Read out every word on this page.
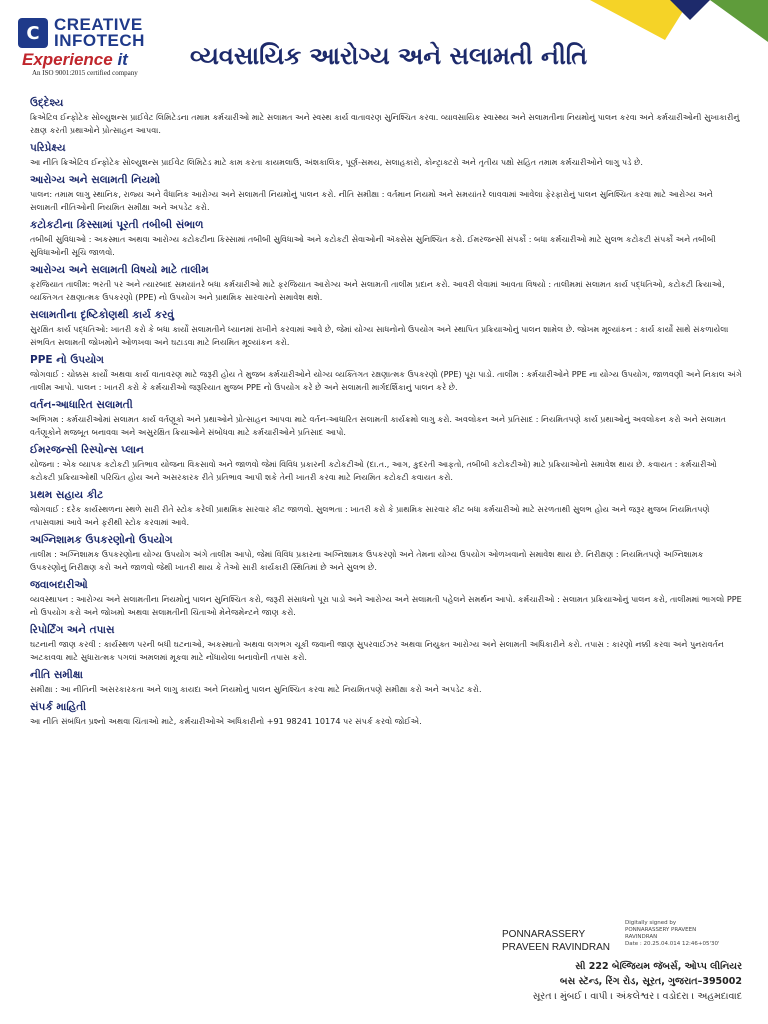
C CREATIVE
INFOTECH
Experience it
An ISO 9001:2015 certified company
વ્યવસાયિક આરોગ્ય અને સલામતી નીતિ
ઉદ્દેશ્ય

ક્રિએટિવ ઈન્ફોટેક સોલ્યુશન્સ પ્રાઈવેટ લિમિટેડના તમામ કર્મચારીઓ માટે સલામત અને સ્વસ્થ કાર્ય વાતાવરણ સુનિશ્ચિત કરવા. વ્યાવસાયિક સ્વાસ્થ્ય અને સલામતીના નિયમોનું પાલન કરવા અને કર્મચારીઓની સુખાકારીનું રક્ષણ કરતી પ્રથાઓને પ્રોત્સાહન આપવા.

પરિપ્રેક્ષ્ય

આ નીતિ ક્રિએટિવ ઈન્ફોટેક સોલ્યુશન્સ પ્રાઈવેટ લિમિટેડ માટે કામ કરતા કાયમલાઉ, અંશકાલિક, પૂર્ણ-સમય, સલાહકારો, કોન્ટ્રાક્ટરો અને તૃતીય પક્ષો સહિત તમામ કર્મચારીઓને લાગુ પડે છે.

આરોગ્ય અને સલામતી નિયમો

પાલન: તમામ લાગુ સ્થાનિક, રાજ્ય અને વૈધાનિક આરોગ્ય અને સલામતી નિયમોનું પાલન કરો. નીતિ સમીક્ષા : વર્તમાન નિયમો અને સમયાંતરે લાવવામાં આવેલા ફેરફારોનું પાલન સુનિશ્ચિત કરવા માટે આરોગ્ય અને સલામતી નીતિઓની નિયમિત સમીક્ષા અને અપડેટ કરો.

કટોકટીના કિસ્સામાં પૂરતી તબીબી સંભાળ

તબીબી સુવિધાઓ : અકસ્માત અથવા આરોગ્ય કટોકટીના કિસ્સામાં તબીબી સુવિધાઓ અને કટોકટી સેવાઓની ઍક્સેસ સુનિશ્ચિત કરો. ઈમરજન્સી સંપર્કો : બધા કર્મચારીઓ માટે સુલભ કટોકટી સંપર્કો અને તબીબી સુવિધાઓની સૂચિ જાળવો.

આરોગ્ય અને સલામતી વિષયો માટે તાલીમ

ફરજિયાત તાલીમ: ભરતી પર અને ત્યારબાદ સમયાંતરે બધા કર્મચારીઓ માટે ફરજિયાત આરોગ્ય અને સલામતી તાલીમ પ્રદાન કરો. આવરી લેવામાં આવતા વિષયો : તાલીમમાં સલામત કાર્ય પદ્ધતિઓ, કટોકટી ક્રિયાઓ, વ્યક્તિગત રક્ષણાત્મક ઉપકરણો (PPE) નો ઉપયોગ અને પ્રાથમિક સારવારનો સમાવેશ થશે.

સલામતીના દૃષ્ટિકોણથી કાર્ય કરવું

સુરક્ષિત કાર્ય પદ્ધતિઓ: ખાતરી કરો કે બધા કાર્યો સલામતીને ધ્યાનમાં રાખીને કરવામાં આવે છે, જેમાં યોગ્ય સાધનોનો ઉપયોગ અને સ્થાપિત પ્રક્રિયાઓનું પાલન શામેલ છે. જોખમ મૂલ્યાંકન : કાર્ય કાર્યો સાથે સંકળાયેલા સંભવિત સલામતી જોખમોને ઓળખવા અને ઘટાડવા માટે નિયમિત મૂલ્યાંકન કરો.

PPE નો ઉપયોગ

જોગવાઈ : ચોક્કસ કાર્યો અથવા કાર્ય વાતાવરણ માટે જરૂરી હોય તે મુજબ કર્મચારીઓને યોગ્ય વ્યક્તિગત રક્ષણાત્મક ઉપકરણો (PPE) પૂરા પાડો. તાલીમ : કર્મચારીઓને PPE ના યોગ્ય ઉપયોગ, જાળવણી અને નિકાલ અંગે તાલીમ આપો. પાલન : ખાતરી કરો કે કર્મચારીઓ જરૂરિયાત મુજબ PPE નો ઉપયોગ કરે છે અને સલામતી માર્ગદર્શિકાનું પાલન કરે છે.

વર્તન-આધારિત સલામતી

અભિગમ : કર્મચારીઓમાં સલામત કાર્ય વર્તણૂકો અને પ્રથાઓને પ્રોત્સાહન આપવા માટે વર્તન-આધારિત સલામતી કાર્યક્રમો લાગુ કરો. અવલોકન અને પ્રતિસાદ : નિયમિતપણે કાર્ય પ્રથાઓનું અવલોકન કરો અને સલામત વર્તણૂકોને મજબૂત બનાવવા અને અસુરક્ષિત ક્રિયાઓને સંબોધવા માટે કર્મચારીઓને પ્રતિસાદ આપો.

ઈમરજન્સી રિસ્પોન્સ પ્લાન

યોજના : એક વ્યાપક કટોકટી પ્રતિભાવ યોજના વિકસાવો અને જાળવો જેમાં વિવિધ પ્રકારની કટોકટીઓ (દા.ત., આગ, કુદરતી આફતો, તબીબી કટોકટીઓ) માટે પ્રક્રિયાઓનો સમાવેશ થાય છે. કવાયત : કર્મચારીઓ કટોકટી પ્રક્રિયાઓથી પરિચિત હોય અને અસરકારક રીતે પ્રતિભાવ આપી શકે તેની ખાતરી કરવા માટે નિયમિત કટોકટી કવાયત કરો.

પ્રથમ સહાય કીટ

જોગવાઈ : દરેક કાર્યસ્થળના સ્થળે સારી રીતે સ્ટોક કરેલી પ્રાથમિક સારવાર કીટ જાળવો. સુલભતા : ખાતરી કરો કે પ્રાથમિક સારવાર કીટ બધા કર્મચારીઓ માટે સરળતાથી સુલભ હોય અને જરૂર મુજબ નિયમિતપણે તપાસવામાં આવે અને ફરીથી સ્ટોક કરવામાં આવે.

અગ્નિશામક ઉપકરણોનો ઉપયોગ

તાલીમ : અગ્નિશામક ઉપકરણોના યોગ્ય ઉપયોગ અંગે તાલીમ આપો, જેમાં વિવિધ પ્રકારના અગ્નિશામક ઉપકરણો અને તેમના યોગ્ય ઉપયોગ ઓળખવાનો સમાવેશ થાય છે. નિરીક્ષણ : નિયમિતપણે અગ્નિશામક ઉપકરણોનું નિરીક્ષણ કરો અને જાળવો જેથી ખાતરી થાય કે તેઓ સારી કાર્યકારી સ્થિતિમાં છે અને સુલભ છે.

જવાબદારીઓ

વ્યવસ્થાપન : આરોગ્ય અને સલામતીના નિયમોનું પાલન સુનિશ્ચિત કરો, જરૂરી સંસાધનો પૂરા પાડો અને આરોગ્ય અને સલામતી પહેલને સમર્થન આપો. કર્મચારીઓ : સલામત પ્રક્રિયાઓનું પાલન કરો, તાલીમમાં ભાગલો PPE નો ઉપયોગ કરો અને જોખમો અથવા સલામતીની ચિંતાઓ મેનેજમેન્ટને જાણ કરો.

રિપોર્ટિંગ અને તપાસ

ઘટનાની જાણ કરવી : કાર્યસ્થળ પરની બધી ઘટનાઓ, અકસ્માતો અથવા લગભગ ચૂકી જવાની જાણ સુપરવાઈઝર અથવા નિયુક્ત આરોગ્ય અને સલામતી અધિકારીને કરો. તપાસ : કારણો નક્કી કરવા અને પુનરાવર્તન અટકાવવા માટે સુધારાત્મક પગલાં અમલમાં મૂકવા માટે નોંધાયેલા બનાવોની તપાસ કરો.

નીતિ સમીક્ષા

સમીક્ષા : આ નીતિની અસરકારકતા અને લાગુ કાયદા અને નિયમોનું પાલન સુનિશ્ચિત કરવા માટે નિયમિતપણે સમીક્ષા કરો અને અપડેટ કરો.

સંપર્ક માહિતી

આ નીતિ સંબંધિત પ્રશ્નો અથવા ચિંતાઓ માટે, કર્મચારીઓએ અધિકારીનો +91 98241 10174 પર સંપર્ક કરવો જોઈએ.

PONNARASSERY
PRAVEEN RAVINDRAN
Digitally signed by
PONNARASSERY PRAVEEN
RAVINDRAN
Date : 20.25.04.014 12:46+05'30'
સી 222 બેલ્જિયમ જૅબર્સ, ઓપ્પ લીનિયર
બસ સ્ટૅન્ડ, રિંગ રોડ, સૂરત, ગુજરાત–395002
સૂરત । મુંબઈ । વાપી । અંકલેશ્વર । વડોદરા । અહમદાવાદ
